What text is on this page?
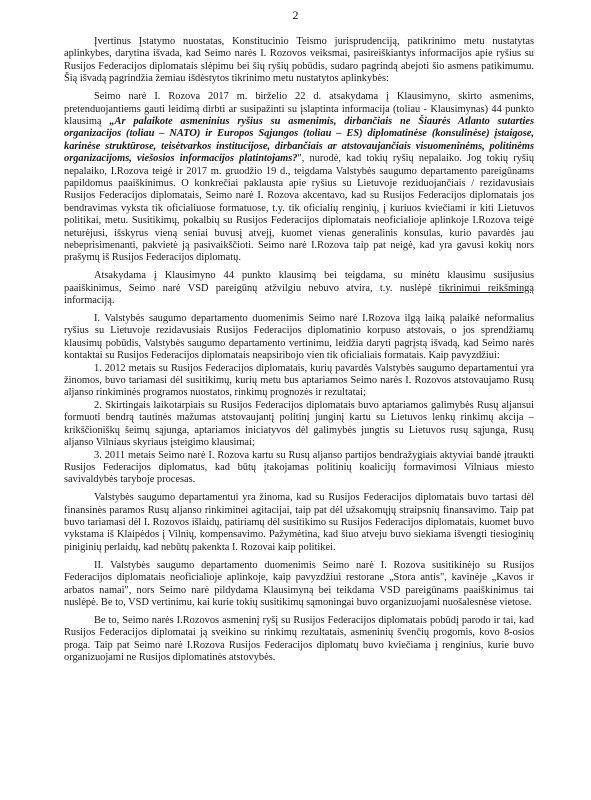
2

Įvertinus Įstatymo nuostatas, Konstitucinio Teismo jurisprudenciją, patikrinimo metu nustatytas aplinkybes, darytina išvada, kad Seimo narės I. Rozovos veiksmai, pasireiškiantys informacijos apie ryšius su Rusijos Federacijos diplomatais slėpimu bei šių ryšių pobūdis, sudaro pagrindą abejoti šio asmens patikimumu. Šią išvadą pagrindžia žemiau išdėstytos tikrinimo metu nustatytos aplinkybės:

Seimo narė I. Rozova 2017 m. birželio 22 d. atsakydama į Klausimyno, skirto asmenims, pretenduojantiems gauti leidimą dirbti ar susipažinti su įslaptinta informacija (toliau - Klausimynas) 44 punkto klausimą „Ar palaikote asmeninius ryšius su asmenimis, dirbančiais ne Šiaurės Atlanto sutarties organizacijos (toliau – NATO) ir Europos Sąjungos (toliau – ES) diplomatinėse (konsulinėse) įstaigose, karinėse struktūrose, teisėtvarkos institucijose, dirbančiais ar atstovaujančiais visuomeninėms, politinėms organizacijoms, viešosios informacijos platintojams?", nurodė, kad tokių ryšių nepalaiko. Jog tokių ryšių nepalaiko, I.Rozova teigė ir 2017 m. gruodžio 19 d., teigdama Valstybės saugumo departamento pareigūnams papildomus paaiškinimus. O konkrečiai paklausta apie ryšius su Lietuvoje reziduojančiais / rezidavusiais Rusijos Federacijos diplomatais, Seimo narė I. Rozova akcentavo, kad su Rusijos Federacijos diplomatais jos bendravimas vyksta tik oficialiuose formatuose, t.y. tik oficialių renginių, į kuriuos kviečiami ir kiti Lietuvos politikai, metu. Susitikimų, pokalbių su Rusijos Federacijos diplomatais neoficialioje aplinkoje I.Rozova teigė neturėjusi, išskyrus vieną seniai buvusį atvejį, kuomet vienas generalinis konsulas, kurio pavardės jau nebeprisimenanti, pakvietė ją pasivaikščioti. Seimo narė I.Rozova taip pat neigė, kad yra gavusi kokių nors prašymų iš Rusijos Federacijos diplomatų.

Atsakydama į Klausimyno 44 punkto klausimą bei teigdama, su minėtu klausimu susijusius paaiškinimus, Seimo narė VSD pareigūnų atžvilgiu nebuvo atvira, t.y. nuslėpė tikrinimui reikšmingą informaciją.

I. Valstybės saugumo departamento duomenimis Seimo narė I.Rozova ilgą laiką palaikė neformalius ryšius su Lietuvoje rezidavusiais Rusijos Federacijos diplomatinio korpuso atstovais, o jos sprendžiamų klausimų pobūdis, Valstybės saugumo departamento vertinimu, leidžia daryti pagrįstą išvadą, kad Seimo narės kontaktai su Rusijos Federacijos diplomatais neapsiribojo vien tik oficialiais formatais. Kaip pavyzdžiui:

1. 2012 metais su Rusijos Federacijos diplomatais, kurių pavardės Valstybės saugumo departamentui yra žinomos, buvo tariamasi dėl susitikimų, kurių metu bus aptariamos Seimo narės I. Rozovos atstovaujamo Rusų aljanso rinkiminės programos nuostatos, rinkimų prognozės ir rezultatai;

2. Skirtingais laikotarpiais su Rusijos Federacijos diplomatais buvo aptariamos galimybės Rusų aljansui formuoti bendrą tautinės mažumas atstovaujantį politinį junginį kartu su Lietuvos lenkų rinkimų akcija – krikščioniškų šeimų sąjunga, aptariamos iniciatyvos dėl galimybės jungtis su Lietuvos rusų sąjunga, Rusų aljanso Vilniaus skyriaus įsteigimo klausimai;

3. 2011 metais Seimo narė I. Rozova kartu su Rusų aljanso partijos bendražygiais aktyviai bandė įtraukti Rusijos Federacijos diplomatus, kad būtų įtakojamas politinių koalicijų formavimosi Vilniaus miesto savivaldybės taryboje procesas.

Valstybės saugumo departamentui yra žinoma, kad su Rusijos Federacijos diplomatais buvo tartasi dėl finansinės paramos Rusų aljanso rinkiminei agitacijai, taip pat dėl užsakomųjų straipsnių finansavimo. Taip pat buvo tariamasi dėl I. Rozovos išlaidų, patiriamų dėl susitikimo su Rusijos Federacijos diplomatais, kuomet buvo vykstama iš Klaipėdos į Vilnių, kompensavimo. Pažymėtina, kad šiuo atveju buvo siekiama išvengti tiesioginių piniginių perlaidų, kad nebūtų pakenkta I. Rozovai kaip politikei.

II. Valstybės saugumo departamento duomenimis Seimo narė I. Rozova susitikinėjo su Rusijos Federacijos diplomatais neoficialioje aplinkoje, kaip pavyzdžiui restorane „Stora antis", kavinėje „Kavos ir arbatos namai", nors Seimo narė pildydama Klausimyną bei teikdama VSD pareigūnams paaiškinimus tai nuslėpė. Be to, VSD vertinimu, kai kurie tokių susitikimų sąmoningai buvo organizuojami nuošalesnėse vietose.

Be to, Seimo narės I.Rozovos asmeninį ryšį su Rusijos Federacijos diplomatais pobūdį parodo ir tai, kad Rusijos Federacijos diplomatai ją sveikino su rinkimų rezultatais, asmeninių švenčių progomis, kovo 8-osios proga. Taip pat Seimo narė I.Rozova Rusijos Federacijos diplomatų buvo kviečiama į renginius, kurie buvo organizuojami ne Rusijos diplomatinės atstovybės.
